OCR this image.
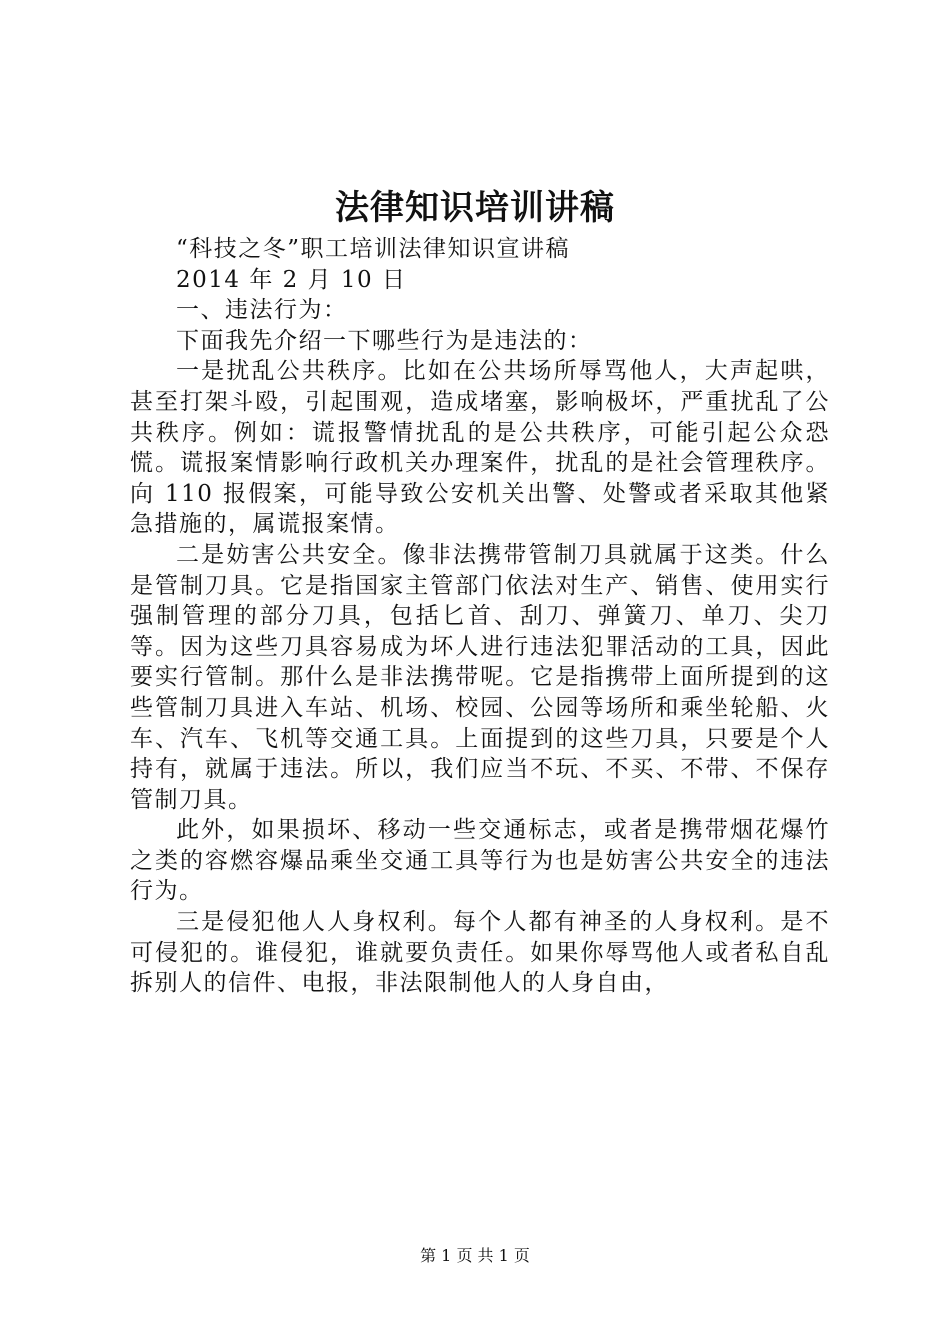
法律知识培训讲稿

“科技之冬”职工培训法律知识宣讲稿

2014 年 2 月 10 日

一、违法行为：

下面我先介绍一下哪些行为是违法的：

一是扰乱公共秩序。比如在公共场所辱骂他人，大声起哄，甚至打架斗殴，引起围观，造成堵塞，影响极坏，严重扰乱了公共秩序。例如：谎报警情扰乱的是公共秩序，可能引起公众恐慌。谎报案情影响行政机关办理案件，扰乱的是社会管理秩序。向 110 报假案，可能导致公安机关出警、处警或者采取其他紧急措施的，属谎报案情。

二是妨害公共安全。像非法携带管制刀具就属于这类。什么是管制刀具。它是指国家主管部门依法对生产、销售、使用实行强制管理的部分刀具，包括匕首、刮刀、弹簧刀、单刀、尖刀等。因为这些刀具容易成为坏人进行违法犯罪活动的工具，因此要实行管制。那什么是非法携带呢。它是指携带上面所提到的这些管制刀具进入车站、机场、校园、公园等场所和乘坐轮船、火车、汽车、飞机等交通工具。上面提到的这些刀具，只要是个人持有，就属于违法。所以，我们应当不玩、不买、不带、不保存管制刀具。

此外，如果损坏、移动一些交通标志，或者是携带烟花爆竹之类的容燃容爆品乘坐交通工具等行为也是妨害公共安全的违法行为。

三是侵犯他人人身权利。每个人都有神圣的人身权利。是不可侵犯的。谁侵犯，谁就要负责任。如果你辱骂他人或者私自乱拆别人的信件、电报，非法限制他人的人身自由，

第 1 页 共 1 页
